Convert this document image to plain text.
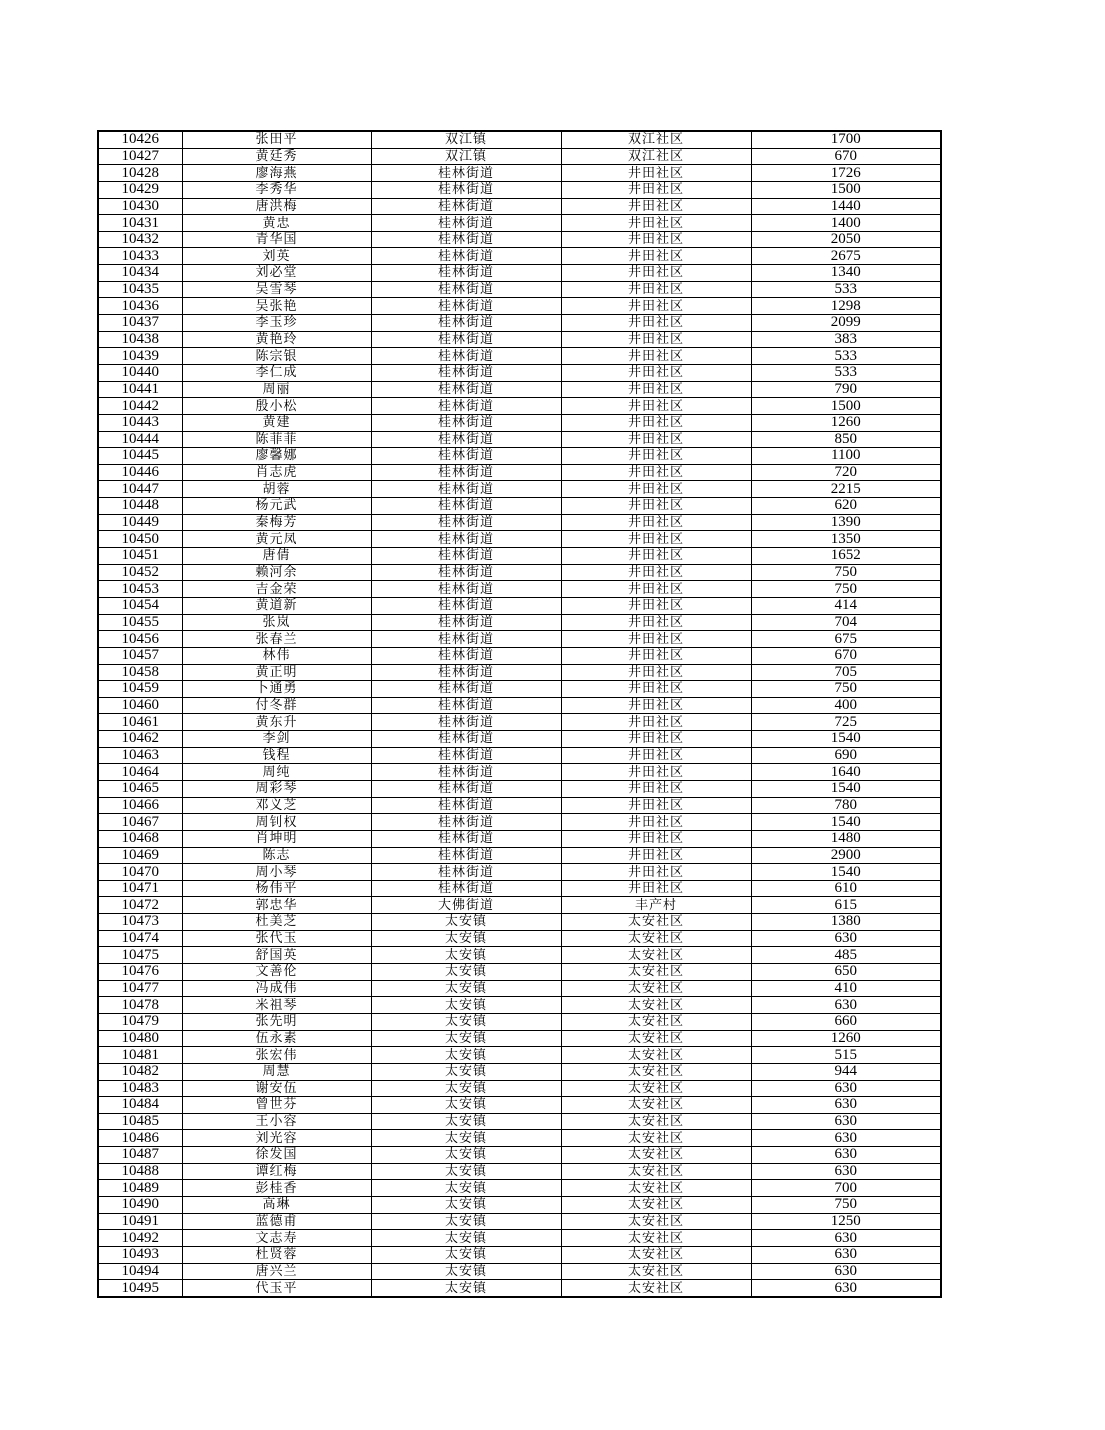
10426	张田平	双江镇	双江社区	1700
10427	黄廷秀	双江镇	双江社区	670
10428	廖海燕	桂林街道	井田社区	1726
10429	李秀华	桂林街道	井田社区	1500
10430	唐洪梅	桂林街道	井田社区	1440
10431	黄忠	桂林街道	井田社区	1400
10432	青华国	桂林街道	井田社区	2050
10433	刘英	桂林街道	井田社区	2675
10434	刘必堂	桂林街道	井田社区	1340
10435	吴雪琴	桂林街道	井田社区	533
10436	吴张艳	桂林街道	井田社区	1298
10437	李玉珍	桂林街道	井田社区	2099
10438	黄艳玲	桂林街道	井田社区	383
10439	陈宗银	桂林街道	井田社区	533
10440	李仁成	桂林街道	井田社区	533
10441	周丽	桂林街道	井田社区	790
10442	殷小松	桂林街道	井田社区	1500
10443	黄建	桂林街道	井田社区	1260
10444	陈菲菲	桂林街道	井田社区	850
10445	廖馨娜	桂林街道	井田社区	1100
10446	肖志虎	桂林街道	井田社区	720
10447	胡蓉	桂林街道	井田社区	2215
10448	杨元武	桂林街道	井田社区	620
10449	秦梅芳	桂林街道	井田社区	1390
10450	黄元凤	桂林街道	井田社区	1350
10451	唐倩	桂林街道	井田社区	1652
10452	赖河余	桂林街道	井田社区	750
10453	吉金荣	桂林街道	井田社区	750
10454	黄道新	桂林街道	井田社区	414
10455	张岚	桂林街道	井田社区	704
10456	张春兰	桂林街道	井田社区	675
10457	林伟	桂林街道	井田社区	670
10458	黄正明	桂林街道	井田社区	705
10459	卜通勇	桂林街道	井田社区	750
10460	付冬群	桂林街道	井田社区	400
10461	黄东升	桂林街道	井田社区	725
10462	李剑	桂林街道	井田社区	1540
10463	钱程	桂林街道	井田社区	690
10464	周纯	桂林街道	井田社区	1640
10465	周彩琴	桂林街道	井田社区	1540
10466	邓义芝	桂林街道	井田社区	780
10467	周钊权	桂林街道	井田社区	1540
10468	肖坤明	桂林街道	井田社区	1480
10469	陈志	桂林街道	井田社区	2900
10470	周小琴	桂林街道	井田社区	1540
10471	杨伟平	桂林街道	井田社区	610
10472	郭忠华	大佛街道	丰产村	615
10473	杜美芝	太安镇	太安社区	1380
10474	张代玉	太安镇	太安社区	630
10475	舒国英	太安镇	太安社区	485
10476	文善伦	太安镇	太安社区	650
10477	冯成伟	太安镇	太安社区	410
10478	米祖琴	太安镇	太安社区	630
10479	张先明	太安镇	太安社区	660
10480	伍永素	太安镇	太安社区	1260
10481	张宏伟	太安镇	太安社区	515
10482	周慧	太安镇	太安社区	944
10483	谢安伍	太安镇	太安社区	630
10484	曾世芬	太安镇	太安社区	630
10485	王小容	太安镇	太安社区	630
10486	刘光容	太安镇	太安社区	630
10487	徐发国	太安镇	太安社区	630
10488	谭红梅	太安镇	太安社区	630
10489	彭桂香	太安镇	太安社区	700
10490	高琳	太安镇	太安社区	750
10491	蓝德甫	太安镇	太安社区	1250
10492	文志寿	太安镇	太安社区	630
10493	杜贤蓉	太安镇	太安社区	630
10494	唐兴兰	太安镇	太安社区	630
10495	代玉平	太安镇	太安社区	630
